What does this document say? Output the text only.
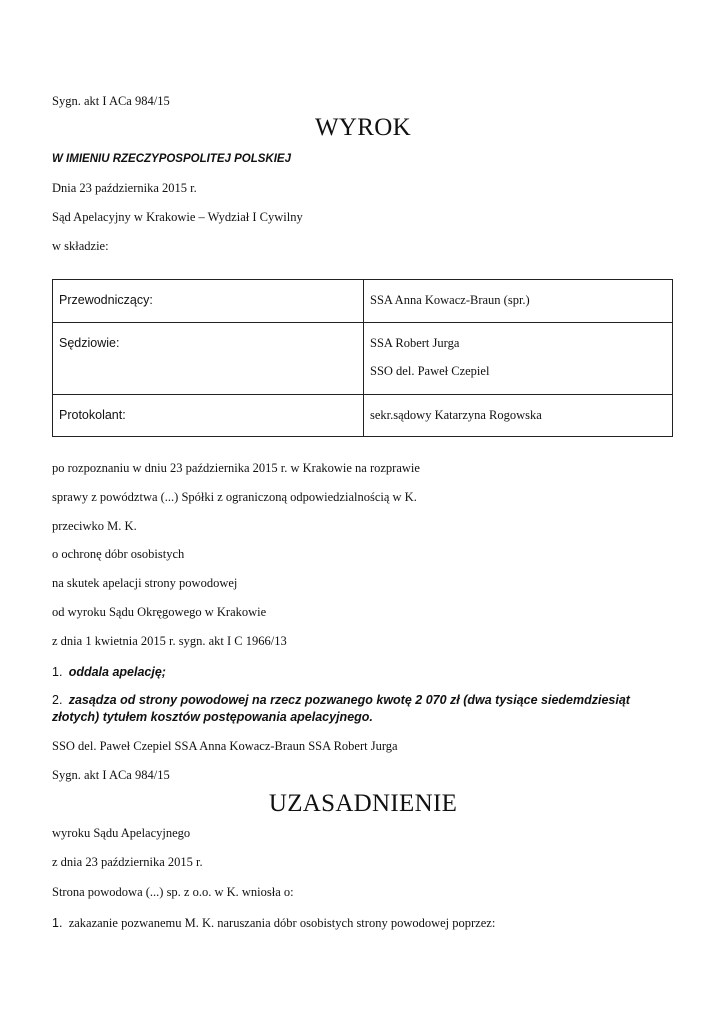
Sygn. akt I ACa 984/15
WYROK
W IMIENIU RZECZYPOSPOLITEJ POLSKIEJ
Dnia 23 października 2015 r.
Sąd Apelacyjny w Krakowie – Wydział I Cywilny
w składzie:
Przewodniczący:	SSA Anna Kowacz-Braun (spr.)

Sędziowie:	SSA Robert Jurga
SSO del. Paweł Czepiel

Protokolant:	sekr.sądowy Katarzyna Rogowska
po rozpoznaniu w dniu 23 października 2015 r. w Krakowie na rozprawie
sprawy z powództwa (...) Spółki z ograniczoną odpowiedzialnością w K.
przeciwko M. K.
o ochronę dóbr osobistych
na skutek apelacji strony powodowej
od wyroku Sądu Okręgowego w Krakowie
z dnia 1 kwietnia 2015 r. sygn. akt I C 1966/13
1. oddala apelację;
2. zasądza od strony powodowej na rzecz pozwanego kwotę 2 070 zł (dwa tysiące siedemdziesiąt złotych) tytułem kosztów postępowania apelacyjnego.
SSO del. Paweł Czepiel SSA Anna Kowacz-Braun SSA Robert Jurga
Sygn. akt I ACa 984/15
UZASADNIENIE
wyroku Sądu Apelacyjnego
z dnia 23 października 2015 r.
Strona powodowa (...) sp. z o.o. w K. wniosła o:
1. zakazanie pozwanemu M. K. naruszania dóbr osobistych strony powodowej poprzez:
